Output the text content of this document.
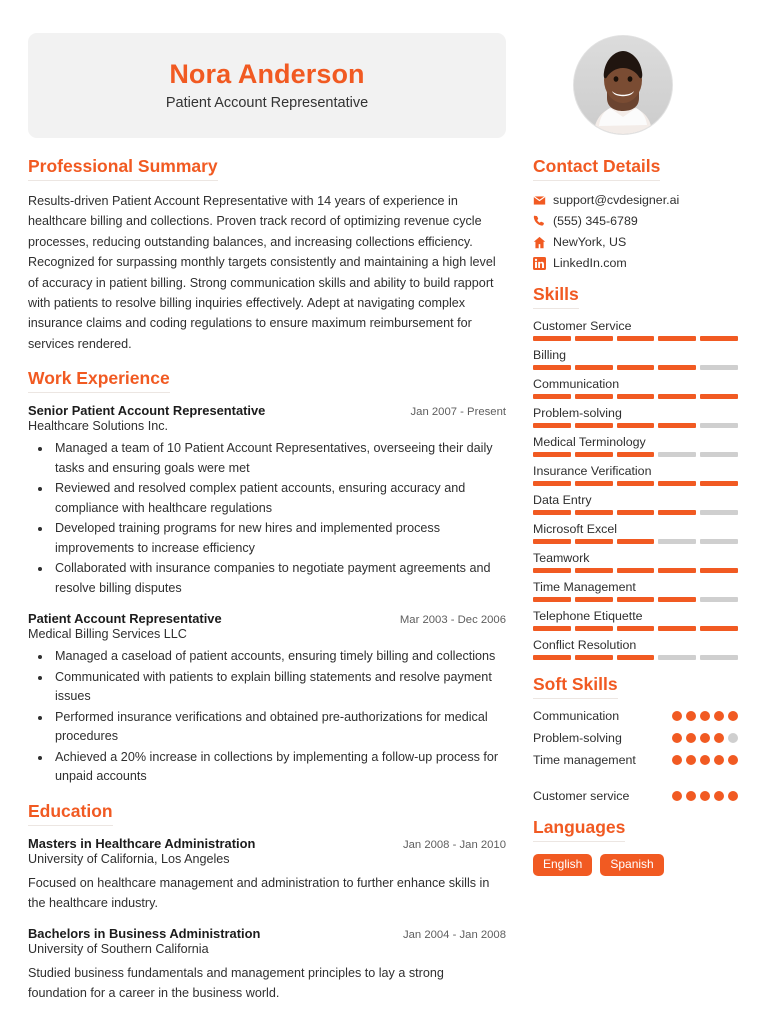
Nora Anderson
Patient Account Representative
Professional Summary
Results-driven Patient Account Representative with 14 years of experience in healthcare billing and collections. Proven track record of optimizing revenue cycle processes, reducing outstanding balances, and increasing collections efficiency. Recognized for surpassing monthly targets consistently and maintaining a high level of accuracy in patient billing. Strong communication skills and ability to build rapport with patients to resolve billing inquiries effectively. Adept at navigating complex insurance claims and coding regulations to ensure maximum reimbursement for services rendered.
Work Experience
Senior Patient Account Representative	Jan 2007 - Present
Healthcare Solutions Inc.
• Managed a team of 10 Patient Account Representatives, overseeing their daily tasks and ensuring goals were met
• Reviewed and resolved complex patient accounts, ensuring accuracy and compliance with healthcare regulations
• Developed training programs for new hires and implemented process improvements to increase efficiency
• Collaborated with insurance companies to negotiate payment agreements and resolve billing disputes
Patient Account Representative	Mar 2003 - Dec 2006
Medical Billing Services LLC
• Managed a caseload of patient accounts, ensuring timely billing and collections
• Communicated with patients to explain billing statements and resolve payment issues
• Performed insurance verifications and obtained pre-authorizations for medical procedures
• Achieved a 20% increase in collections by implementing a follow-up process for unpaid accounts
Education
Masters in Healthcare Administration	Jan 2008 - Jan 2010
University of California, Los Angeles
Focused on healthcare management and administration to further enhance skills in the healthcare industry.
Bachelors in Business Administration	Jan 2004 - Jan 2008
University of Southern California
Studied business fundamentals and management principles to lay a strong foundation for a career in the business world.
Contact Details
support@cvdesigner.ai
(555) 345-6789
NewYork, US
LinkedIn.com
Skills
Customer Service
Billing
Communication
Problem-solving
Medical Terminology
Insurance Verification
Data Entry
Microsoft Excel
Teamwork
Time Management
Telephone Etiquette
Conflict Resolution
Soft Skills
Communication
Problem-solving
Time management
Customer service
Languages
English	Spanish
